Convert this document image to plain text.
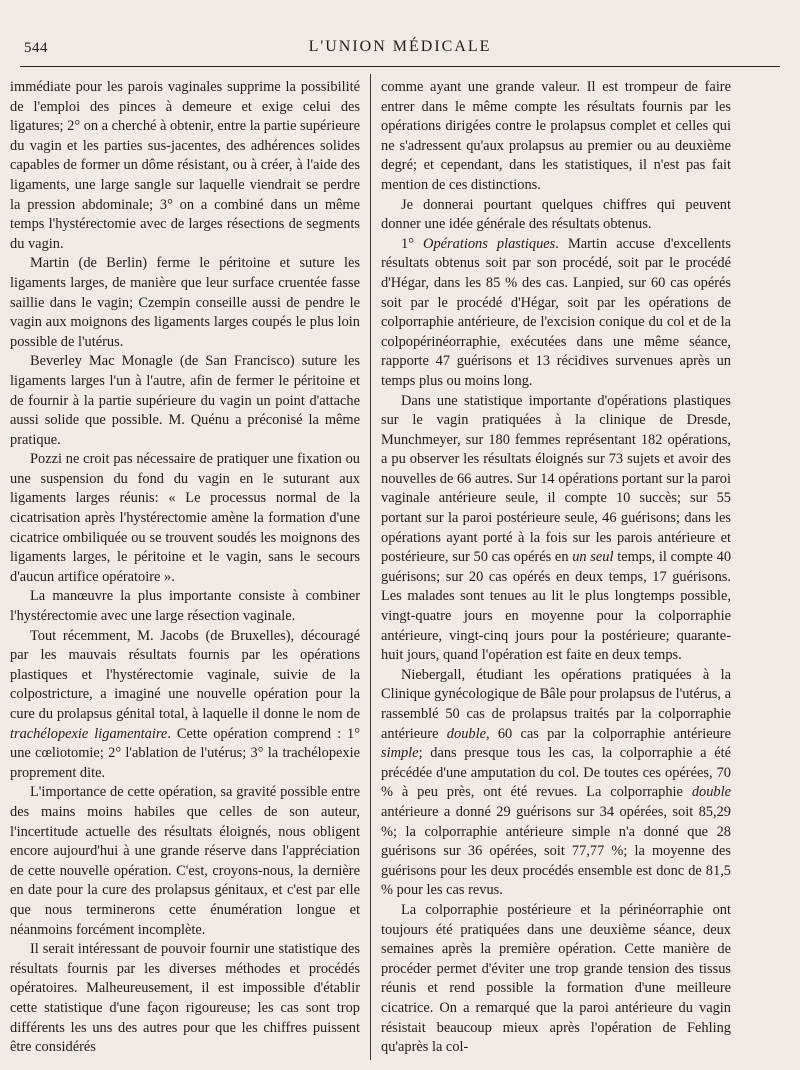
544	L'UNION MÉDICALE

immédiate pour les parois vaginales supprime la possibilité de l'emploi des pinces à demeure et exige celui des ligatures; 2° on a cherché à obtenir, entre la partie supérieure du vagin et les parties sus-jacentes, des adhérences solides capables de former un dôme résistant, ou à créer, à l'aide des ligaments, une large sangle sur laquelle viendrait se perdre la pression abdominale; 3° on a combiné dans un même temps l'hystérectomie avec de larges résections de segments du vagin.

Martin (de Berlin) ferme le péritoine et suture les ligaments larges, de manière que leur surface cruentée fasse saillie dans le vagin; Czempin conseille aussi de pendre le vagin aux moignons des ligaments larges coupés le plus loin possible de l'utérus.

Beverley Mac Monagle (de San Francisco) suture les ligaments larges l'un à l'autre, afin de fermer le péritoine et de fournir à la partie supérieure du vagin un point d'attache aussi solide que possible. M. Quénu a préconisé la même pratique.

Pozzi ne croit pas nécessaire de pratiquer une fixation ou une suspension du fond du vagin en le suturant aux ligaments larges réunis: « Le processus normal de la cicatrisation après l'hystérectomie amène la formation d'une cicatrice ombiliquée ou se trouvent soudés les moignons des ligaments larges, le péritoine et le vagin, sans le secours d'aucun artifice opératoire ».

La manœuvre la plus importante consiste à combiner l'hystérectomie avec une large résection vaginale.

Tout récemment, M. Jacobs (de Bruxelles), découragé par les mauvais résultats fournis par les opérations plastiques et l'hystérectomie vaginale, suivie de la colpostricture, a imaginé une nouvelle opération pour la cure du prolapsus génital total, à laquelle il donne le nom de trachélopexie ligamentaire. Cette opération comprend : 1° une cœliotomie; 2° l'ablation de l'utérus; 3° la trachélopexie proprement dite.

L'importance de cette opération, sa gravité possible entre des mains moins habiles que celles de son auteur, l'incertitude actuelle des résultats éloignés, nous obligent encore aujourd'hui à une grande réserve dans l'appréciation de cette nouvelle opération. C'est, croyons-nous, la dernière en date pour la cure des prolapsus génitaux, et c'est par elle que nous terminerons cette énumération longue et néanmoins forcément incomplète.

Il serait intéressant de pouvoir fournir une statistique des résultats fournis par les diverses méthodes et procédés opératoires. Malheureusement, il est impossible d'établir cette statistique d'une façon rigoureuse; les cas sont trop différents les uns des autres pour que les chiffres puissent être considérés

comme ayant une grande valeur. Il est trompeur de faire entrer dans le même compte les résultats fournis par les opérations dirigées contre le prolapsus complet et celles qui ne s'adressent qu'aux prolapsus au premier ou au deuxième degré; et cependant, dans les statistiques, il n'est pas fait mention de ces distinctions.

Je donnerai pourtant quelques chiffres qui peuvent donner une idée générale des résultats obtenus.

1° Opérations plastiques. Martin accuse d'excellents résultats obtenus soit par son procédé, soit par le procédé d'Hégar, dans les 85 % des cas. Lanpied, sur 60 cas opérés soit par le procédé d'Hégar, soit par les opérations de colporraphie antérieure, de l'excision conique du col et de la colpopérinéorraphie, exécutées dans une même séance, rapporte 47 guérisons et 13 récidives survenues après un temps plus ou moins long.

Dans une statistique importante d'opérations plastiques sur le vagin pratiquées à la clinique de Dresde, Munchmeyer, sur 180 femmes représentant 182 opérations, a pu observer les résultats éloignés sur 73 sujets et avoir des nouvelles de 66 autres. Sur 14 opérations portant sur la paroi vaginale antérieure seule, il compte 10 succès; sur 55 portant sur la paroi postérieure seule, 46 guérisons; dans les opérations ayant porté à la fois sur les parois antérieure et postérieure, sur 50 cas opérés en un seul temps, il compte 40 guérisons; sur 20 cas opérés en deux temps, 17 guérisons. Les malades sont tenues au lit le plus longtemps possible, vingt-quatre jours en moyenne pour la colporraphie antérieure, vingt-cinq jours pour la postérieure; quarante-huit jours, quand l'opération est faite en deux temps.

Niebergall, étudiant les opérations pratiquées à la Clinique gynécologique de Bâle pour prolapsus de l'utérus, a rassemblé 50 cas de prolapsus traités par la colporraphie antérieure double, 60 cas par la colporraphie antérieure simple; dans presque tous les cas, la colporraphie a été précédée d'une amputation du col. De toutes ces opérées, 70 % à peu près, ont été revues. La colporraphie double antérieure a donné 29 guérisons sur 34 opérées, soit 85,29 %; la colporraphie antérieure simple n'a donné que 28 guérisons sur 36 opérées, soit 77,77 %; la moyenne des guérisons pour les deux procédés ensemble est donc de 81,5 % pour les cas revus.

La colporraphie postérieure et la périnéorraphie ont toujours été pratiquées dans une deuxième séance, deux semaines après la première opération. Cette manière de procéder permet d'éviter une trop grande tension des tissus réunis et rend possible la formation d'une meilleure cicatrice. On a remarqué que la paroi antérieure du vagin résistait beaucoup mieux après l'opération de Fehling qu'après la col-
